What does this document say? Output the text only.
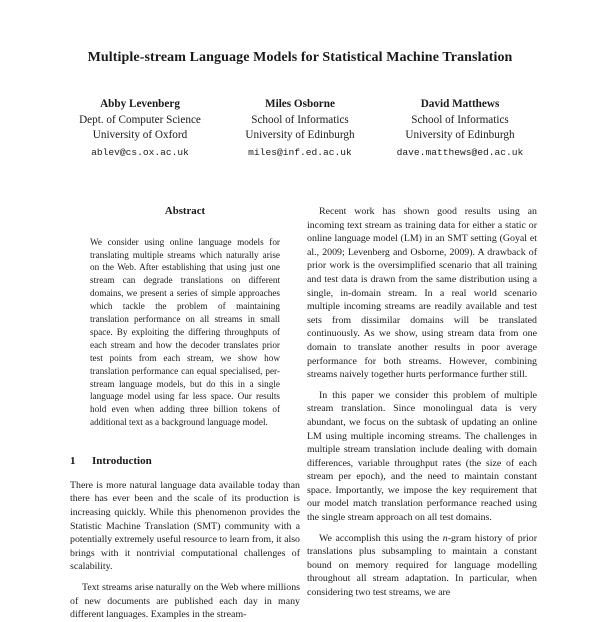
Multiple-stream Language Models for Statistical Machine Translation
Abby Levenberg
Dept. of Computer Science
University of Oxford
ablev@cs.ox.ac.uk
Miles Osborne
School of Informatics
University of Edinburgh
miles@inf.ed.ac.uk
David Matthews
School of Informatics
University of Edinburgh
dave.matthews@ed.ac.uk
Abstract

We consider using online language models for translating multiple streams which naturally arise on the Web. After establishing that using just one stream can degrade translations on different domains, we present a series of simple approaches which tackle the problem of maintaining translation performance on all streams in small space. By exploiting the differing throughputs of each stream and how the decoder translates prior test points from each stream, we show how translation performance can equal specialised, per-stream language models, but do this in a single language model using far less space. Our results hold even when adding three billion tokens of additional text as a background language model.

1 Introduction

There is more natural language data available today than there has ever been and the scale of its production is increasing quickly. While this phenomenon provides the Statistic Machine Translation (SMT) community with a potentially extremely useful resource to learn from, it also brings with it nontrivial computational challenges of scalability.

Text streams arise naturally on the Web where millions of new documents are published each day in many different languages. Examples in the stream-

Recent work has shown good results using an incoming text stream as training data for either a static or online language model (LM) in an SMT setting (Goyal et al., 2009; Levenberg and Osborne, 2009). A drawback of prior work is the oversimplified scenario that all training and test data is drawn from the same distribution using a single, in-domain stream. In a real world scenario multiple incoming streams are readily available and test sets from dissimilar domains will be translated continuously. As we show, using stream data from one domain to translate another results in poor average performance for both streams. However, combining streams naively together hurts performance further still.

In this paper we consider this problem of multiple stream translation. Since monolingual data is very abundant, we focus on the subtask of updating an online LM using multiple incoming streams. The challenges in multiple stream translation include dealing with domain differences, variable throughput rates (the size of each stream per epoch), and the need to maintain constant space. Importantly, we impose the key requirement that our model match translation performance reached using the single stream approach on all test domains.

We accomplish this using the n-gram history of prior translations plus subsampling to maintain a constant bound on memory required for language modelling throughout all stream adaptation. In particular, when considering two test streams, we are
